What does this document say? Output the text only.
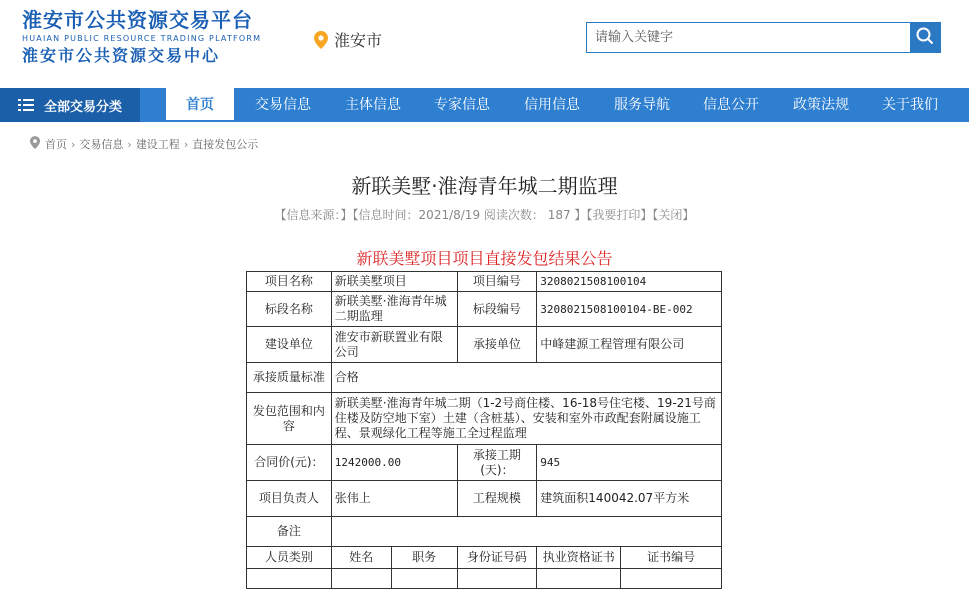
淮安市公共资源交易平台
HUAIAN PUBLIC RESOURCE TRADING PLATFORM
淮安市公共资源交易中心
淮安市
请输入关键字
全部交易分类	首页	交易信息	主体信息	专家信息	信用信息	服务导航	信息公开	政策法规	关于我们
首页 › 交易信息 › 建设工程 › 直接发包公示
新联美墅·淮海青年城二期监理
【信息来源：】【信息时间：2021/8/19 阅读次数： 187 】【我要打印】【关闭】
新联美墅项目项目直接发包结果公告
项目名称	新联美墅项目		项目编号	3208021508100104	
标段名称	新联美墅·淮海青年城二期监理		标段编号	3208021508100104-BE-002	
建设单位	淮安市新联置业有限公司		承接单位	中峰建源工程管理有限公司	
承接质量标准	合格				
发包范围和内容	新联美墅·淮海青年城二期（1-2号商住楼、16-18号住宅楼、19-21号商住楼及防空地下室）土建（含桩基）、安装和室外市政配套附属设施工程、景观绿化工程等施工全过程监理				
合同价(元)：	1242000.00		承接工期(天)：	945	
项目负责人	张伟上		工程规模	建筑面积140042.07平方米	
备注					
人员类别	姓名	职务	身份证号码	执业资格证书	证书编号
